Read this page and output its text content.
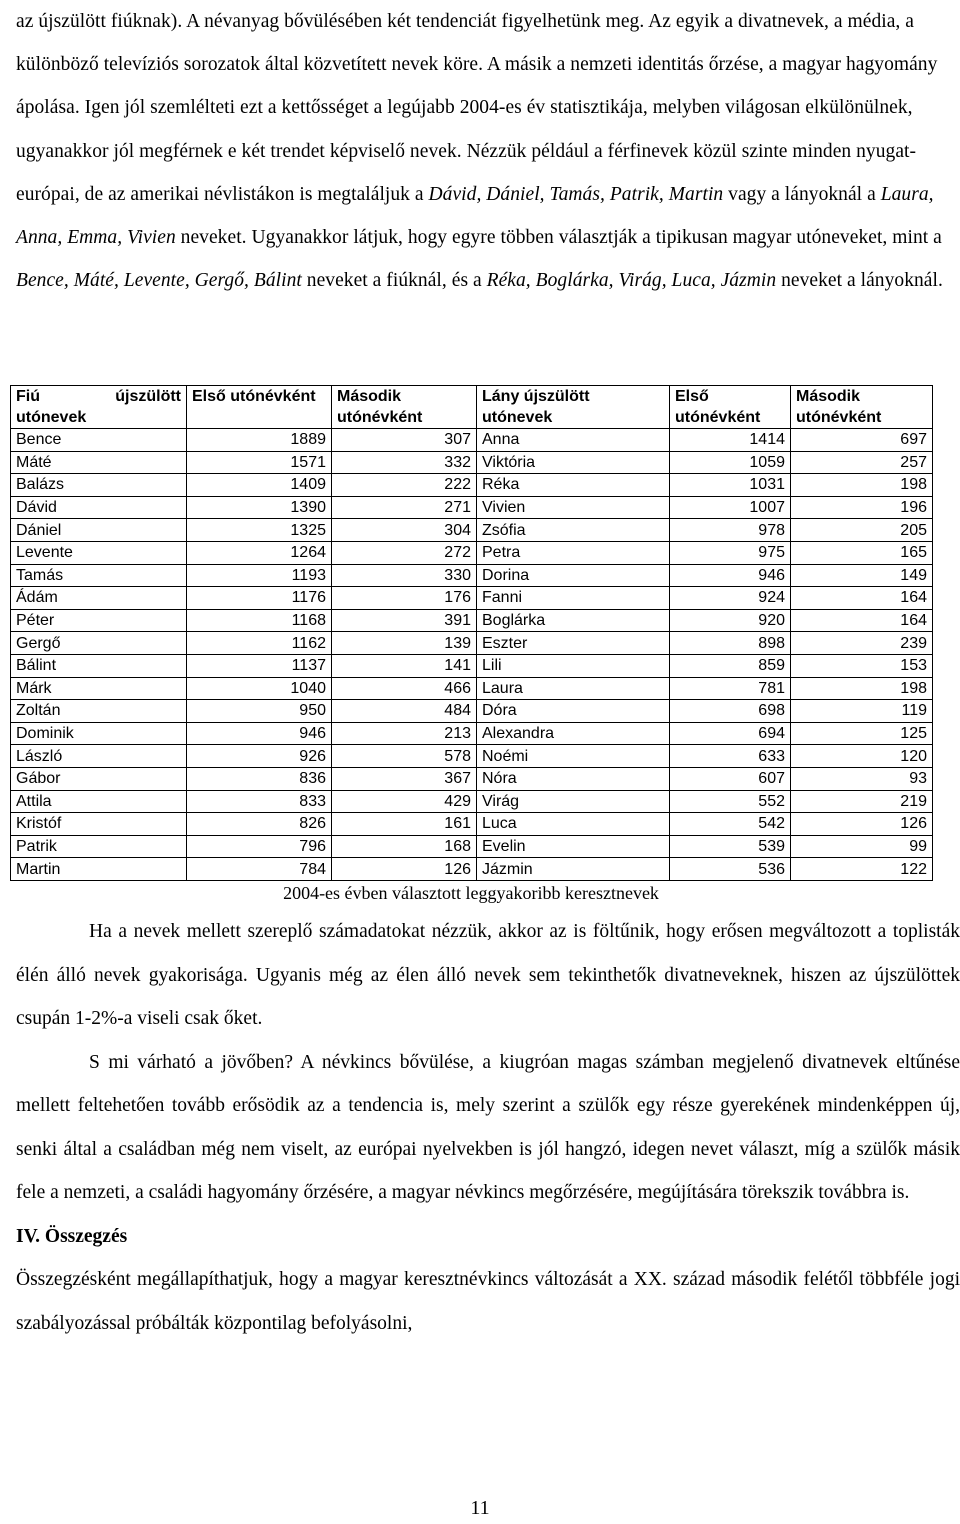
az újszülött fiúknak). A névanyag bővülésében két tendenciát figyelhetünk meg. Az egyik a divatnevek, a média, a különböző televíziós sorozatok által közvetített nevek köre. A másik a nemzeti identitás őrzése, a magyar hagyomány ápolása. Igen jól szemlélteti ezt a kettősséget a legújabb 2004-es év statisztikája, melyben világosan elkülönülnek, ugyanakkor jól megférnek e két trendet képviselő nevek. Nézzük például a férfinevek közül szinte minden nyugat-európai, de az amerikai névlistákon is megtaláljuk a Dávid, Dániel, Tamás, Patrik, Martin vagy a lányoknál a Laura, Anna, Emma, Vivien neveket. Ugyanakkor látjuk, hogy egyre többen választják a tipikusan magyar utóneveket, mint a Bence, Máté, Levente, Gergő, Bálint neveket a fiúknál, és a Réka, Boglárka, Virág, Luca, Jázmin neveket a lányoknál.

Fiú újszülött
utónevek	Első utónévként	Második utónévként	Lány újszülött utónevek	Első utónévként	Második utónévként
Bence	1889	307	Anna	1414	697
Máté	1571	332	Viktória	1059	257
Balázs	1409	222	Réka	1031	198
Dávid	1390	271	Vivien	1007	196
Dániel	1325	304	Zsófia	978	205
Levente	1264	272	Petra	975	165
Tamás	1193	330	Dorina	946	149
Ádám	1176	176	Fanni	924	164
Péter	1168	391	Boglárka	920	164
Gergő	1162	139	Eszter	898	239
Bálint	1137	141	Lili	859	153
Márk	1040	466	Laura	781	198
Zoltán	950	484	Dóra	698	119
Dominik	946	213	Alexandra	694	125
László	926	578	Noémi	633	120
Gábor	836	367	Nóra	607	93
Attila	833	429	Virág	552	219
Kristóf	826	161	Luca	542	126
Patrik	796	168	Evelin	539	99
Martin	784	126	Jázmin	536	122
2004-es évben választott leggyakoribb keresztnevek

Ha a nevek mellett szereplő számadatokat nézzük, akkor az is föltűnik, hogy erősen megváltozott a toplisták élén álló nevek gyakorisága. Ugyanis még az élen álló nevek sem tekinthetők divatneveknek, hiszen az újszülöttek csupán 1-2%-a viseli csak őket.

S mi várható a jövőben? A névkincs bővülése, a kiugróan magas számban megjelenő divatnevek eltűnése mellett feltehetően tovább erősödik az a tendencia is, mely szerint a szülők egy része gyerekének mindenképpen új, senki által a családban még nem viselt, az európai nyelvekben is jól hangzó, idegen nevet választ, míg a szülők másik fele a nemzeti, a családi hagyomány őrzésére, a magyar névkincs megőrzésére, megújítására törekszik továbbra is.

IV. Összegzés

Összegzésként megállapíthatjuk, hogy a magyar keresztnévkincs változását a XX. század második felétől többféle jogi szabályozással próbálták központilag befolyásolni,

11
